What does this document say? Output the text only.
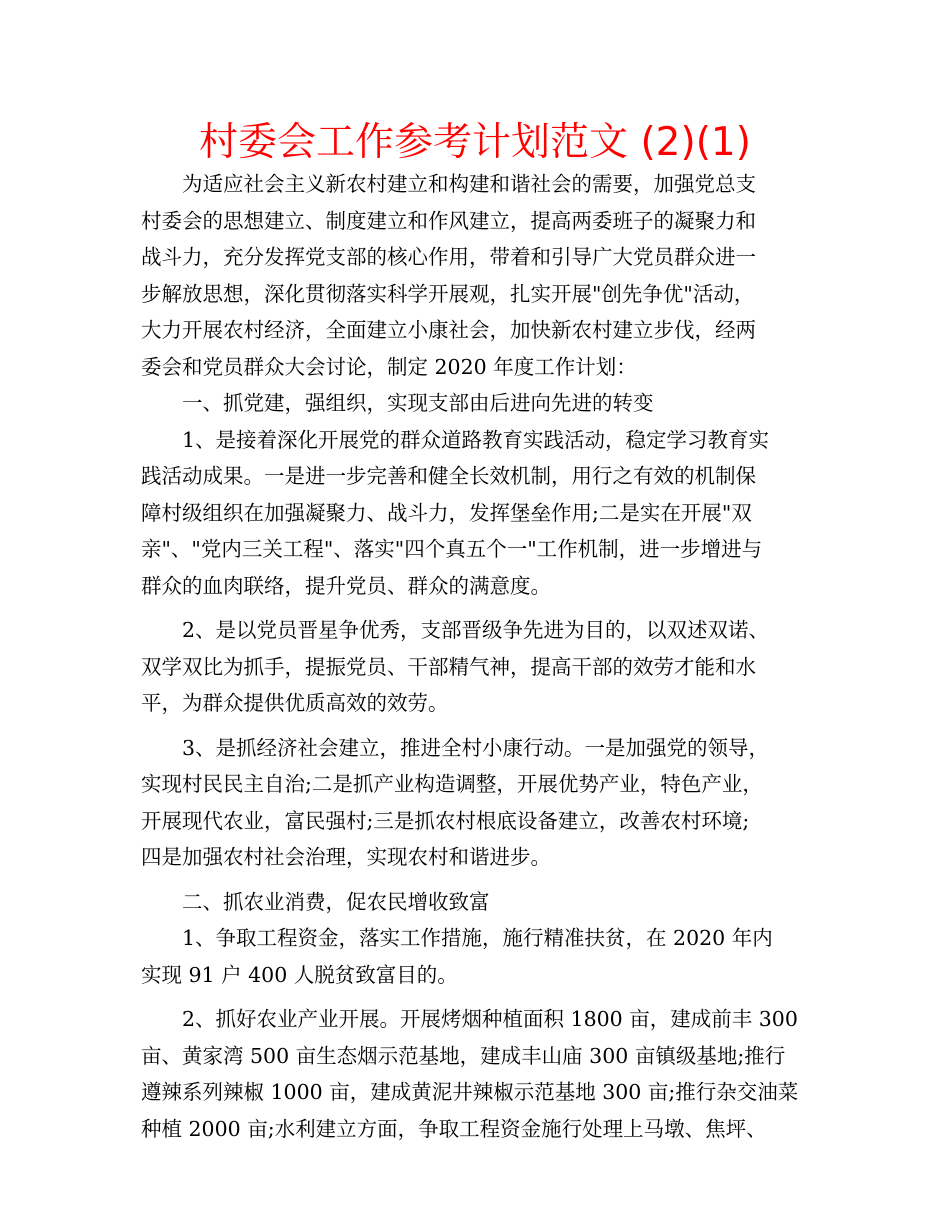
村委会工作参考计划范文 (2)(1)

为适应社会主义新农村建立和构建和谐社会的需要，加强党总支
村委会的思想建立、制度建立和作风建立，提高两委班子的凝聚力和
战斗力，充分发挥党支部的核心作用，带着和引导广大党员群众进一
步解放思想，深化贯彻落实科学开展观，扎实开展"创先争优"活动，
大力开展农村经济，全面建立小康社会，加快新农村建立步伐，经两
委会和党员群众大会讨论，制定 2020 年度工作计划：

一、抓党建，强组织，实现支部由后进向先进的转变

1、是接着深化开展党的群众道路教育实践活动，稳定学习教育实
践活动成果。一是进一步完善和健全长效机制，用行之有效的机制保
障村级组织在加强凝聚力、战斗力，发挥堡垒作用;二是实在开展"双
亲"、"党内三关工程"、落实"四个真五个一"工作机制，进一步增进与
群众的血肉联络，提升党员、群众的满意度。

2、是以党员晋星争优秀，支部晋级争先进为目的，以双述双诺、
双学双比为抓手，提振党员、干部精气神，提高干部的效劳才能和水
平，为群众提供优质高效的效劳。

3、是抓经济社会建立，推进全村小康行动。一是加强党的领导，
实现村民民主自治;二是抓产业构造调整，开展优势产业，特色产业，
开展现代农业，富民强村;三是抓农村根底设备建立，改善农村环境;
四是加强农村社会治理，实现农村和谐进步。

二、抓农业消费，促农民增收致富

1、争取工程资金，落实工作措施，施行精准扶贫，在 2020 年内
实现 91 户 400 人脱贫致富目的。

2、抓好农业产业开展。开展烤烟种植面积 1800 亩，建成前丰 300
亩、黄家湾 500 亩生态烟示范基地，建成丰山庙 300 亩镇级基地;推行
遵辣系列辣椒 1000 亩，建成黄泥井辣椒示范基地 300 亩;推行杂交油菜
种植 2000 亩;水利建立方面，争取工程资金施行处理上马墩、焦坪、
